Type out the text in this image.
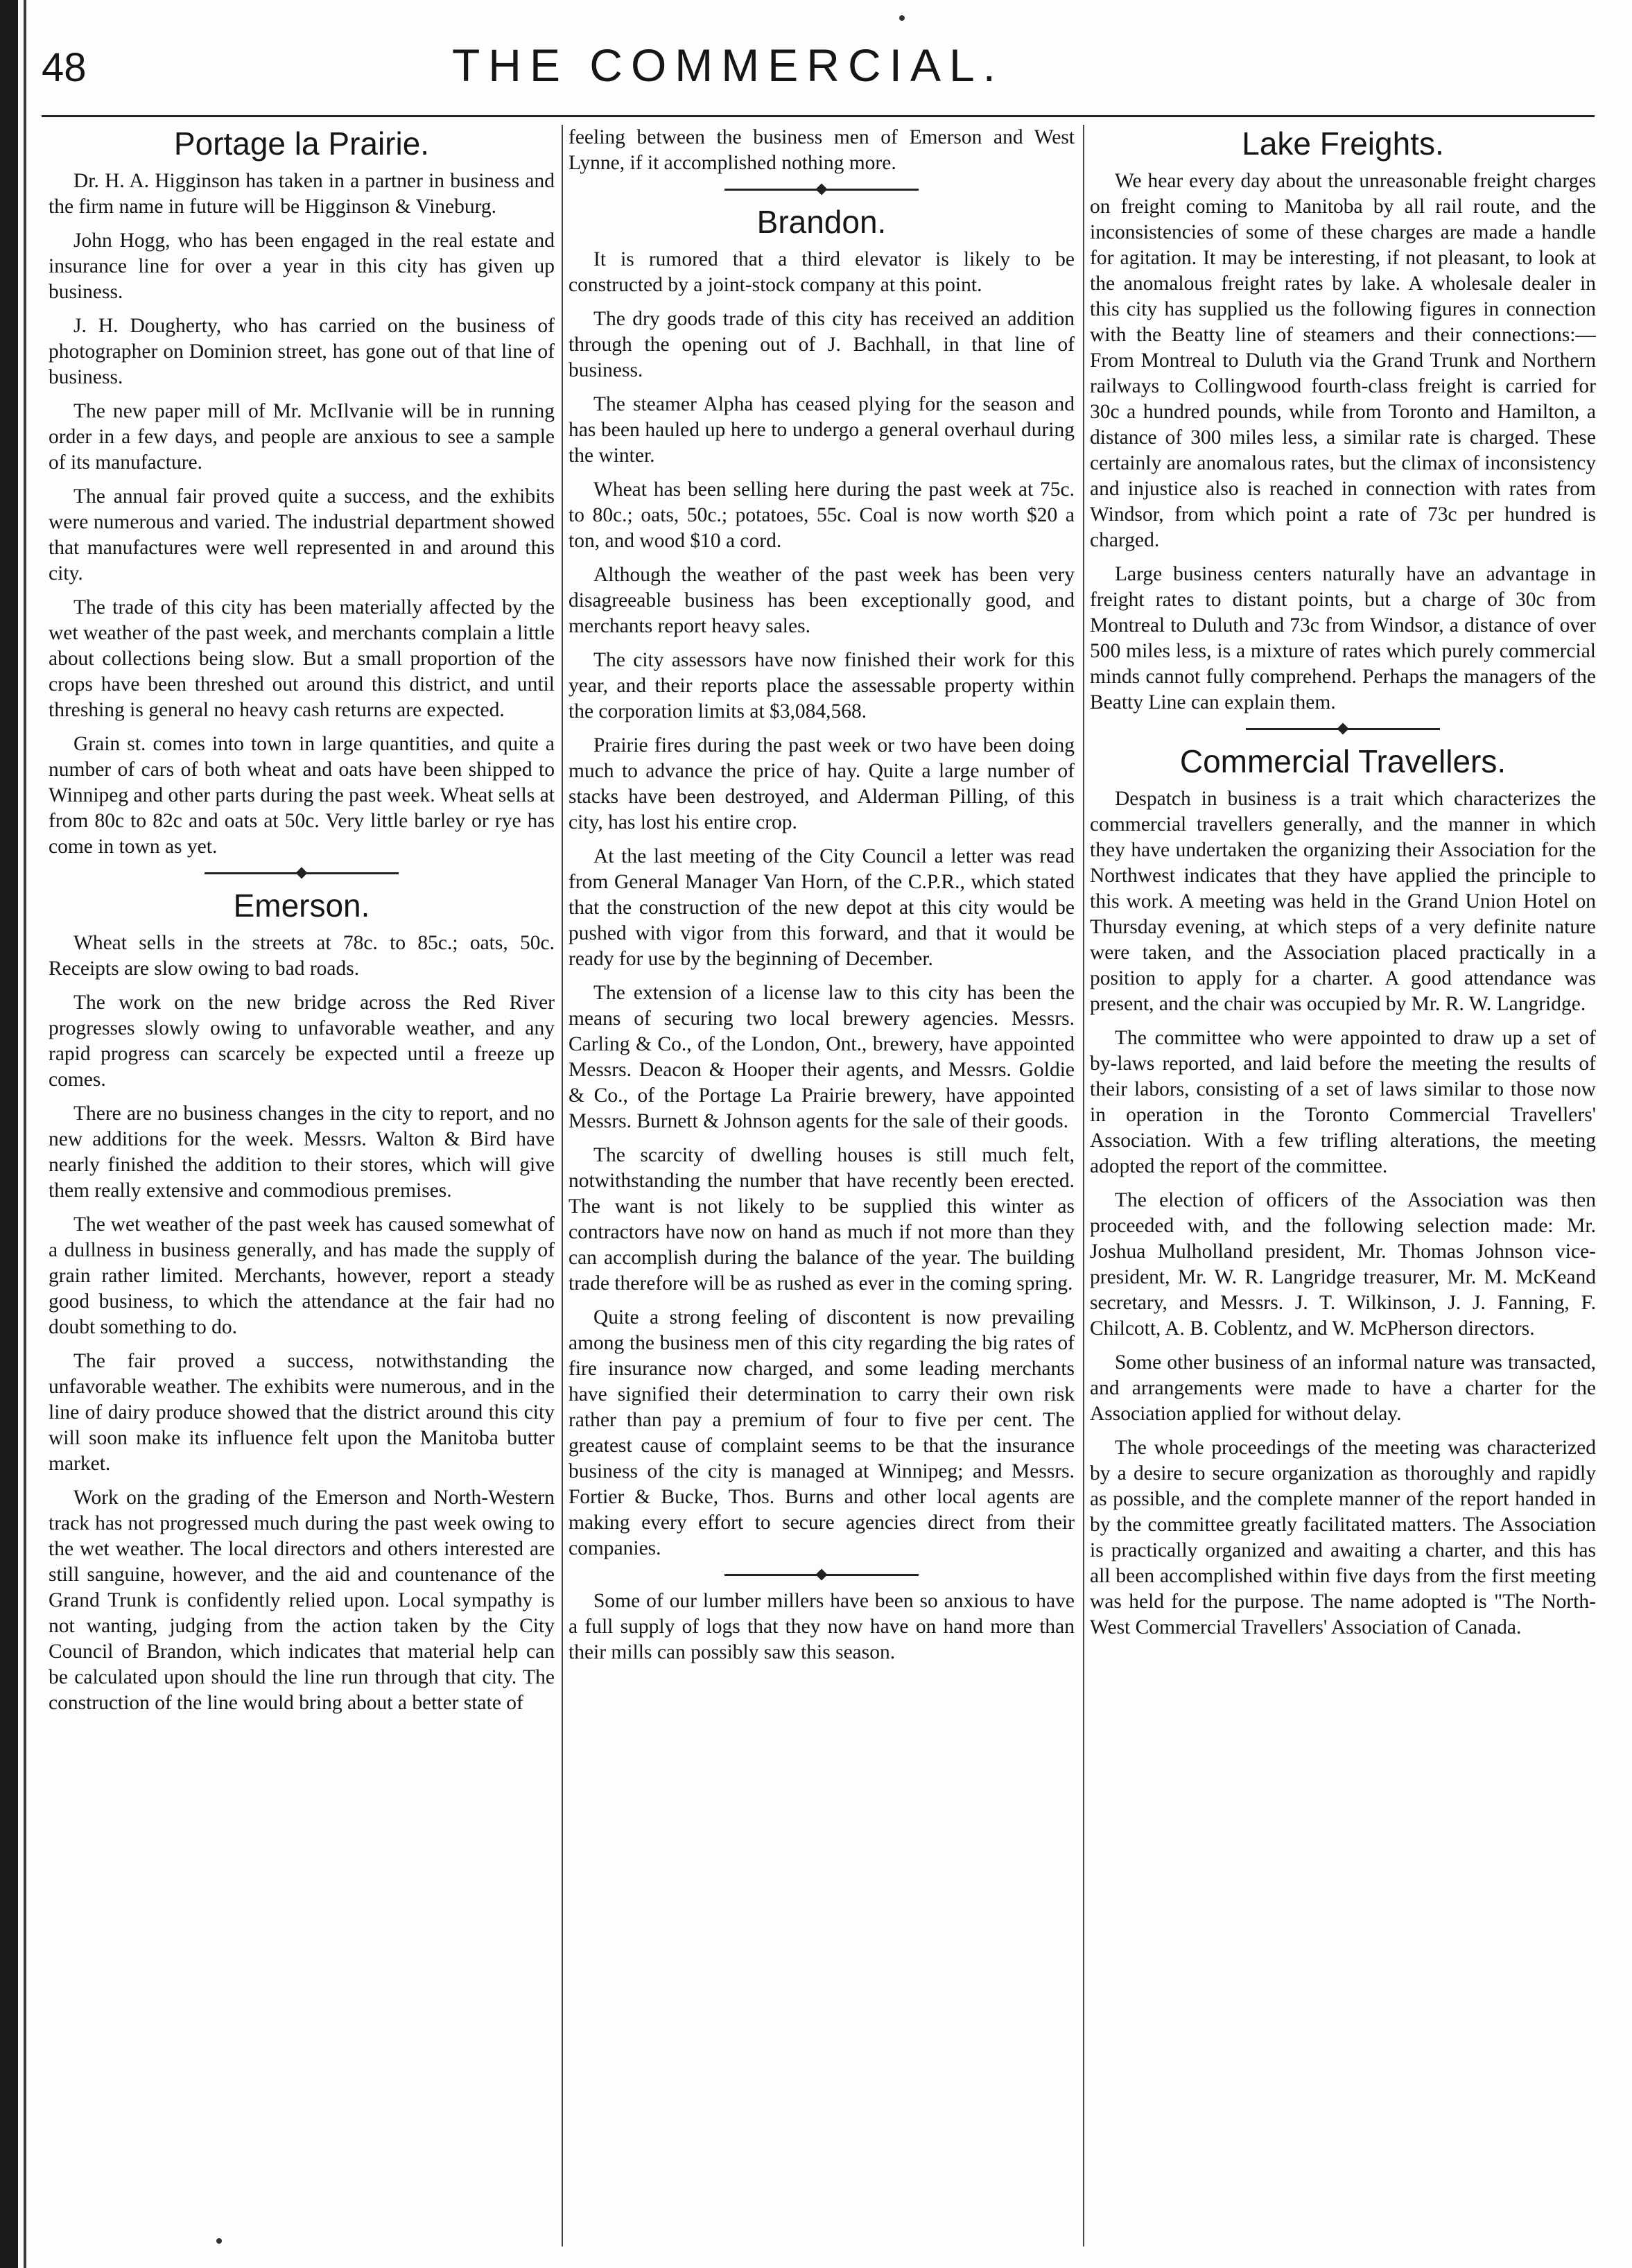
48	THE COMMERCIAL.
Portage la Prairie.

Dr. H. A. Higginson has taken in a partner in business and the firm name in future will be Higginson & Vineburg.

John Hogg, who has been engaged in the real estate and insurance line for over a year in this city has given up business.

J. H. Dougherty, who has carried on the business of photographer on Dominion street, has gone out of that line of business.

The new paper mill of Mr. McIlvanie will be in running order in a few days, and people are anxious to see a sample of its manufacture.

The annual fair proved quite a success, and the exhibits were numerous and varied. The industrial department showed that manufactures were well represented in and around this city.

The trade of this city has been materially affected by the wet weather of the past week, and merchants complain a little about collections being slow. But a small proportion of the crops have been threshed out around this district, and until threshing is general no heavy cash returns are expected.

Grain st. comes into town in large quantities, and quite a number of cars of both wheat and oats have been shipped to Winnipeg and other parts during the past week. Wheat sells at from 80c to 82c and oats at 50c. Very little barley or rye has come in town as yet.

Emerson.

Wheat sells in the streets at 78c. to 85c.; oats, 50c. Receipts are slow owing to bad roads.

The work on the new bridge across the Red River progresses slowly owing to unfavorable weather, and any rapid progress can scarcely be expected until a freeze up comes.

There are no business changes in the city to report, and no new additions for the week. Messrs. Walton & Bird have nearly finished the addition to their stores, which will give them really extensive and commodious premises.

The wet weather of the past week has caused somewhat of a dullness in business generally, and has made the supply of grain rather limited. Merchants, however, report a steady good business, to which the attendance at the fair had no doubt something to do.

The fair proved a success, notwithstanding the unfavorable weather. The exhibits were numerous, and in the line of dairy produce showed that the district around this city will soon make its influence felt upon the Manitoba butter market.

Work on the grading of the Emerson and North-Western track has not progressed much during the past week owing to the wet weather. The local directors and others interested are still sanguine, however, and the aid and countenance of the Grand Trunk is confidently relied upon. Local sympathy is not wanting, judging from the action taken by the City Council of Brandon, which indicates that material help can be calculated upon should the line run through that city. The construction of the line would bring about a better state of

feeling between the business men of Emerson and West Lynne, if it accomplished nothing more.

Brandon.

It is rumored that a third elevator is likely to be constructed by a joint-stock company at this point.

The dry goods trade of this city has received an addition through the opening out of J. Bachhall, in that line of business.

The steamer Alpha has ceased plying for the season and has been hauled up here to undergo a general overhaul during the winter.

Wheat has been selling here during the past week at 75c. to 80c.; oats, 50c.; potatoes, 55c. Coal is now worth $20 a ton, and wood $10 a cord.

Although the weather of the past week has been very disagreeable business has been exceptionally good, and merchants report heavy sales.

The city assessors have now finished their work for this year, and their reports place the assessable property within the corporation limits at $3,084,568.

Prairie fires during the past week or two have been doing much to advance the price of hay. Quite a large number of stacks have been destroyed, and Alderman Pilling, of this city, has lost his entire crop.

At the last meeting of the City Council a letter was read from General Manager Van Horn, of the C.P.R., which stated that the construction of the new depot at this city would be pushed with vigor from this forward, and that it would be ready for use by the beginning of December.

The extension of a license law to this city has been the means of securing two local brewery agencies. Messrs. Carling & Co., of the London, Ont., brewery, have appointed Messrs. Deacon & Hooper their agents, and Messrs. Goldie & Co., of the Portage La Prairie brewery, have appointed Messrs. Burnett & Johnson agents for the sale of their goods.

The scarcity of dwelling houses is still much felt, notwithstanding the number that have recently been erected. The want is not likely to be supplied this winter as contractors have now on hand as much if not more than they can accomplish during the balance of the year. The building trade therefore will be as rushed as ever in the coming spring.

Quite a strong feeling of discontent is now prevailing among the business men of this city regarding the big rates of fire insurance now charged, and some leading merchants have signified their determination to carry their own risk rather than pay a premium of four to five per cent. The greatest cause of complaint seems to be that the insurance business of the city is managed at Winnipeg; and Messrs. Fortier & Bucke, Thos. Burns and other local agents are making every effort to secure agencies direct from their companies.

Some of our lumber millers have been so anxious to have a full supply of logs that they now have on hand more than their mills can possibly saw this season.

Lake Freights.

We hear every day about the unreasonable freight charges on freight coming to Manitoba by all rail route, and the inconsistencies of some of these charges are made a handle for agitation. It may be interesting, if not pleasant, to look at the anomalous freight rates by lake. A wholesale dealer in this city has supplied us the following figures in connection with the Beatty line of steamers and their connections:—From Montreal to Duluth via the Grand Trunk and Northern railways to Collingwood fourth-class freight is carried for 30c a hundred pounds, while from Toronto and Hamilton, a distance of 300 miles less, a similar rate is charged. These certainly are anomalous rates, but the climax of inconsistency and injustice also is reached in connection with rates from Windsor, from which point a rate of 73c per hundred is charged.

Large business centers naturally have an advantage in freight rates to distant points, but a charge of 30c from Montreal to Duluth and 73c from Windsor, a distance of over 500 miles less, is a mixture of rates which purely commercial minds cannot fully comprehend. Perhaps the managers of the Beatty Line can explain them.

Commercial Travellers.

Despatch in business is a trait which characterizes the commercial travellers generally, and the manner in which they have undertaken the organizing their Association for the Northwest indicates that they have applied the principle to this work. A meeting was held in the Grand Union Hotel on Thursday evening, at which steps of a very definite nature were taken, and the Association placed practically in a position to apply for a charter. A good attendance was present, and the chair was occupied by Mr. R. W. Langridge.

The committee who were appointed to draw up a set of by-laws reported, and laid before the meeting the results of their labors, consisting of a set of laws similar to those now in operation in the Toronto Commercial Travellers' Association. With a few trifling alterations, the meeting adopted the report of the committee.

The election of officers of the Association was then proceeded with, and the following selection made: Mr. Joshua Mulholland president, Mr. Thomas Johnson vice-president, Mr. W. R. Langridge treasurer, Mr. M. McKeand secretary, and Messrs. J. T. Wilkinson, J. J. Fanning, F. Chilcott, A. B. Coblentz, and W. McPherson directors.

Some other business of an informal nature was transacted, and arrangements were made to have a charter for the Association applied for without delay.

The whole proceedings of the meeting was characterized by a desire to secure organization as thoroughly and rapidly as possible, and the complete manner of the report handed in by the committee greatly facilitated matters. The Association is practically organized and awaiting a charter, and this has all been accomplished within five days from the first meeting was held for the purpose. The name adopted is "The North-West Commercial Travellers' Association of Canada.
